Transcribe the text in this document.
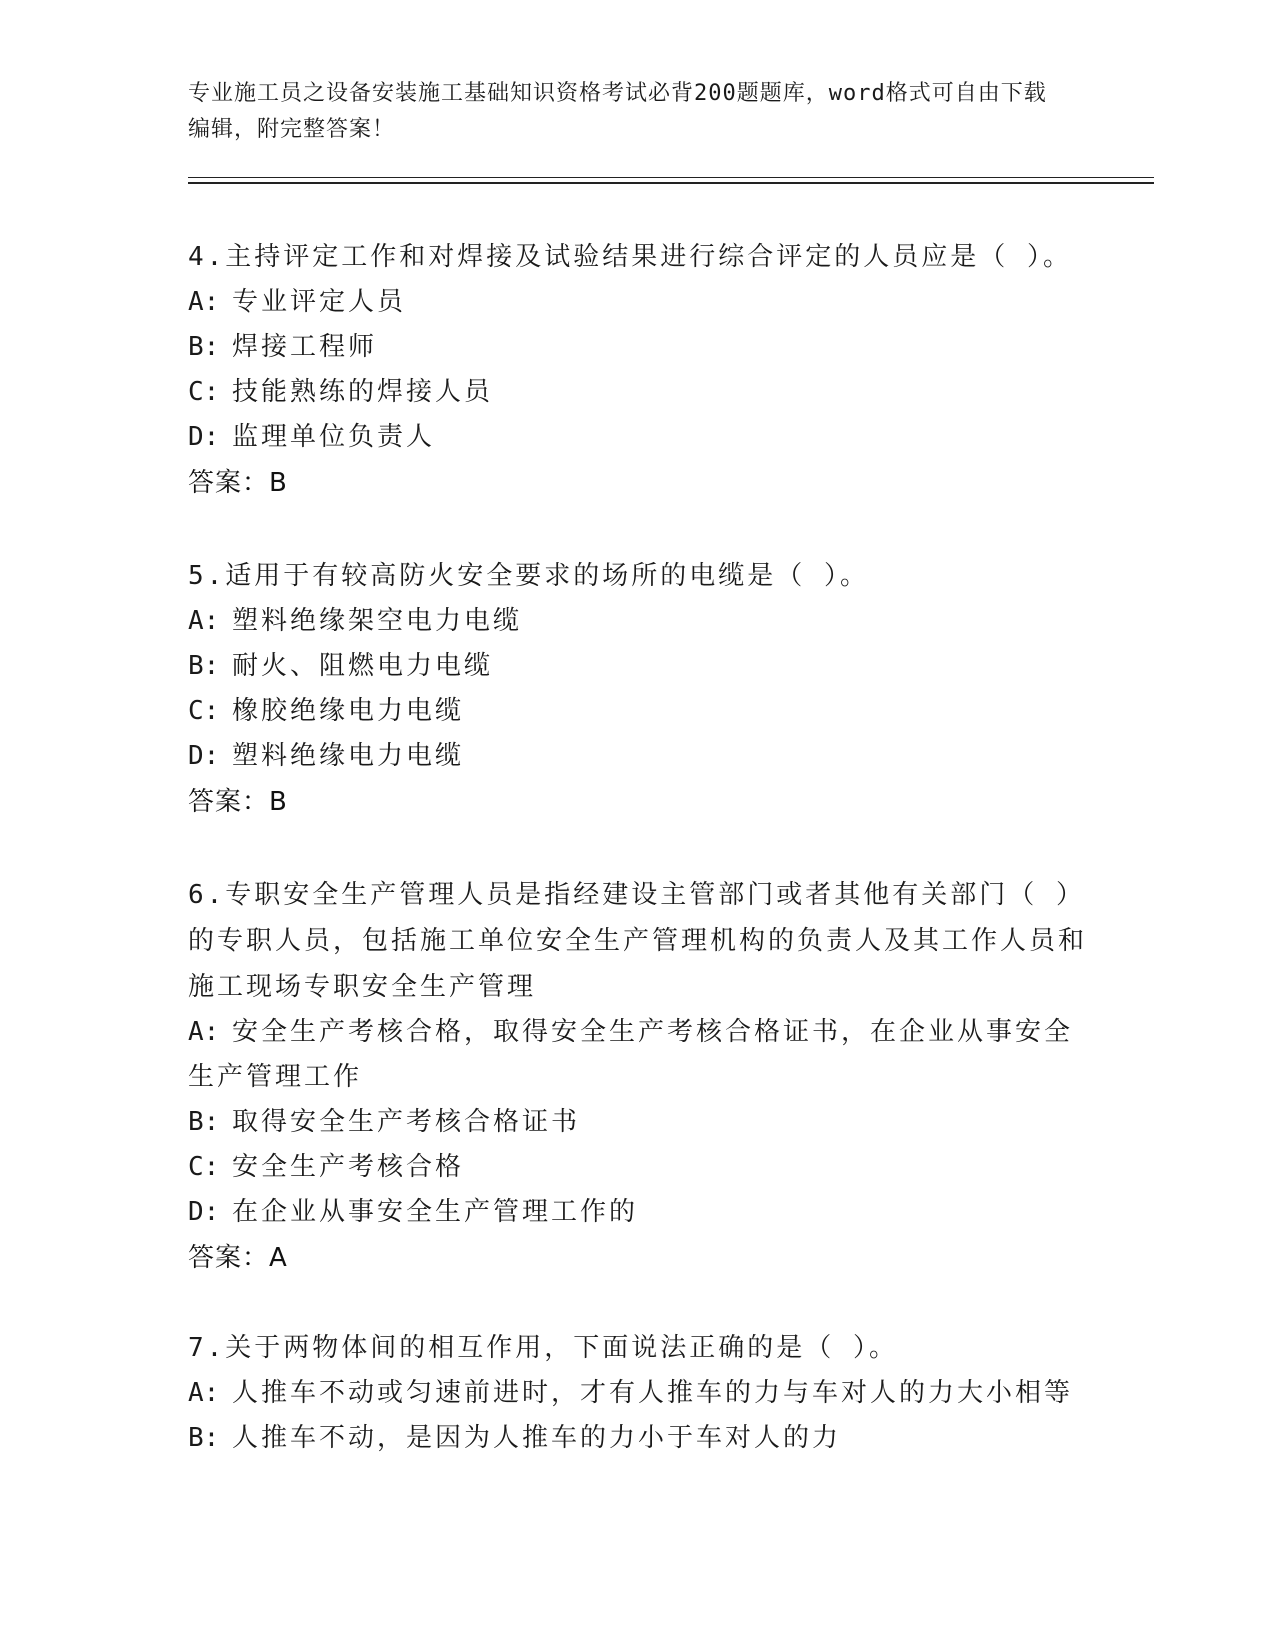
专业施工员之设备安装施工基础知识资格考试必背200题题库，word格式可自由下载编辑，附完整答案！

4.主持评定工作和对焊接及试验结果进行综合评定的人员应是（ ）。

A: 专业评定人员

B: 焊接工程师

C: 技能熟练的焊接人员

D: 监理单位负责人

答案：B

5.适用于有较高防火安全要求的场所的电缆是（ ）。

A: 塑料绝缘架空电力电缆

B: 耐火、阻燃电力电缆

C: 橡胶绝缘电力电缆

D: 塑料绝缘电力电缆

答案：B

6.专职安全生产管理人员是指经建设主管部门或者其他有关部门（ ）的专职人员，包括施工单位安全生产管理机构的负责人及其工作人员和施工现场专职安全生产管理

A: 安全生产考核合格，取得安全生产考核合格证书，在企业从事安全生产管理工作

B: 取得安全生产考核合格证书

C: 安全生产考核合格

D: 在企业从事安全生产管理工作的

答案：A

7.关于两物体间的相互作用，下面说法正确的是（ ）。

A: 人推车不动或匀速前进时，才有人推车的力与车对人的力大小相等

B: 人推车不动，是因为人推车的力小于车对人的力
